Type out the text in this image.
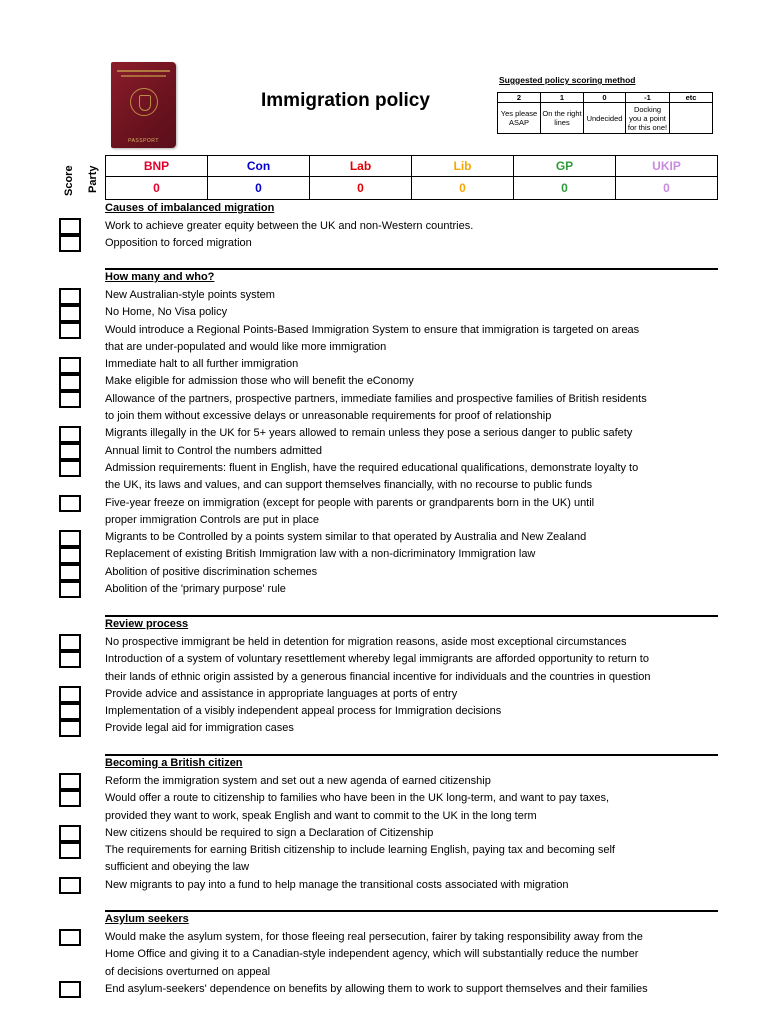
PASSPORT
Immigration policy
Suggested policy scoring method
2	1	0	-1	etc
Yes please ASAP	On the right lines	Undecided	Docking you a point for this one!	
Score Party	BNP	Con	Lab	Lib	GP	UKIP
0	0	0	0	0	0
Causes of imbalanced migration
Work to achieve greater equity between the UK and non-Western countries.
Opposition to forced migration
How many and who?
New Australian-style points system
No Home, No Visa policy
Would introduce a Regional Points-Based Immigration System to ensure that immigration is targeted on areas
that are under-populated and would like more immigration
Immediate halt to all further immigration
Make eligible for admission those who will benefit the eConomy
Allowance of the partners, prospective partners, immediate families and prospective families of British residents
to join them without excessive delays or unreasonable requirements for proof of relationship
Migrants illegally in the UK for 5+ years allowed to remain unless they pose a serious danger to public safety
Annual limit to Control the numbers admitted
Admission requirements: fluent in English, have the required educational qualifications, demonstrate loyalty to
the UK, its laws and values, and can support themselves financially, with no recourse to public funds
Five-year freeze on immigration (except for people with parents or grandparents born in the UK) until
proper immigration Controls are put in place
Migrants to be Controlled by a points system similar to that operated by Australia and New Zealand
Replacement of existing British Immigration law with a non-dicriminatory Immigration law
Abolition of positive discrimination schemes
Abolition of the 'primary purpose' rule
Review process
No prospective immigrant be held in detention for migration reasons, aside most exceptional circumstances
Introduction of a system of voluntary resettlement whereby legal immigrants are afforded opportunity to return to
their lands of ethnic origin assisted by a generous financial incentive for individuals and the countries in question
Provide advice and assistance in appropriate languages at ports of entry
Implementation of a visibly independent appeal process for Immigration decisions
Provide legal aid for immigration cases
Becoming a British citizen
Reform the immigration system and set out a new agenda of earned citizenship
Would offer a route to citizenship to families who have been in the UK long-term, and want to pay taxes,
provided they want to work, speak English and want to commit to the UK in the long term
New citizens should be required to sign a Declaration of Citizenship
The requirements for earning British citizenship to include learning English, paying tax and becoming self
sufficient and obeying the law
New migrants to pay into a fund to help manage the transitional costs associated with migration
Asylum seekers
Would make the asylum system, for those fleeing real persecution, fairer by taking responsibility away from the
Home Office and giving it to a Canadian-style independent agency, which will substantially reduce the number
of decisions overturned on appeal
End asylum-seekers' dependence on benefits by allowing them to work to support themselves and their families
